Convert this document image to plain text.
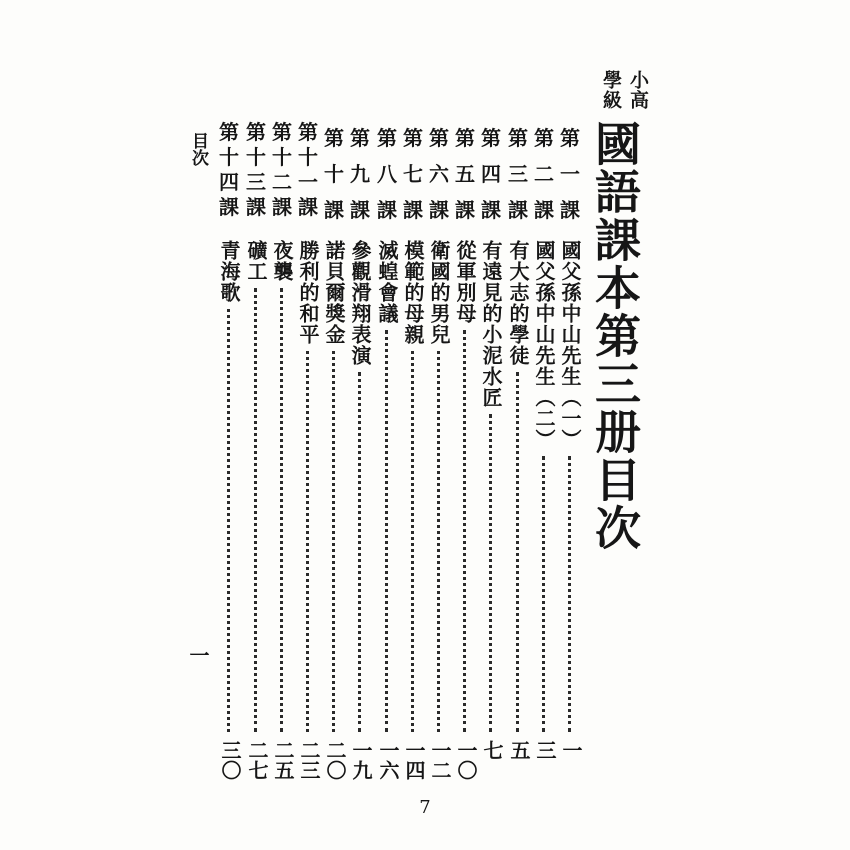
小高
學級
國語課本第三册目次
第
一
課
國父孫中山先生（一）
一
第
二
課
國父孫中山先生（二）
三
第
三
課
有大志的學徒
五
第
四
課
有遠見的小泥水匠
七
第
五
課
從軍別母
一〇
第
六
課
衛國的男兒
一二
第
七
課
模範的母親
一四
第
八
課
滅蝗會議
一六
第
九
課
參觀滑翔表演
一九
第
十
課
諾貝爾獎金
二〇
第
十
一
課
勝利的和平
二三
第
十
二
課
夜襲
二五
第
十
三
課
礦工
二七
第
十
四
課
青海歌
三〇
目次
一
7
